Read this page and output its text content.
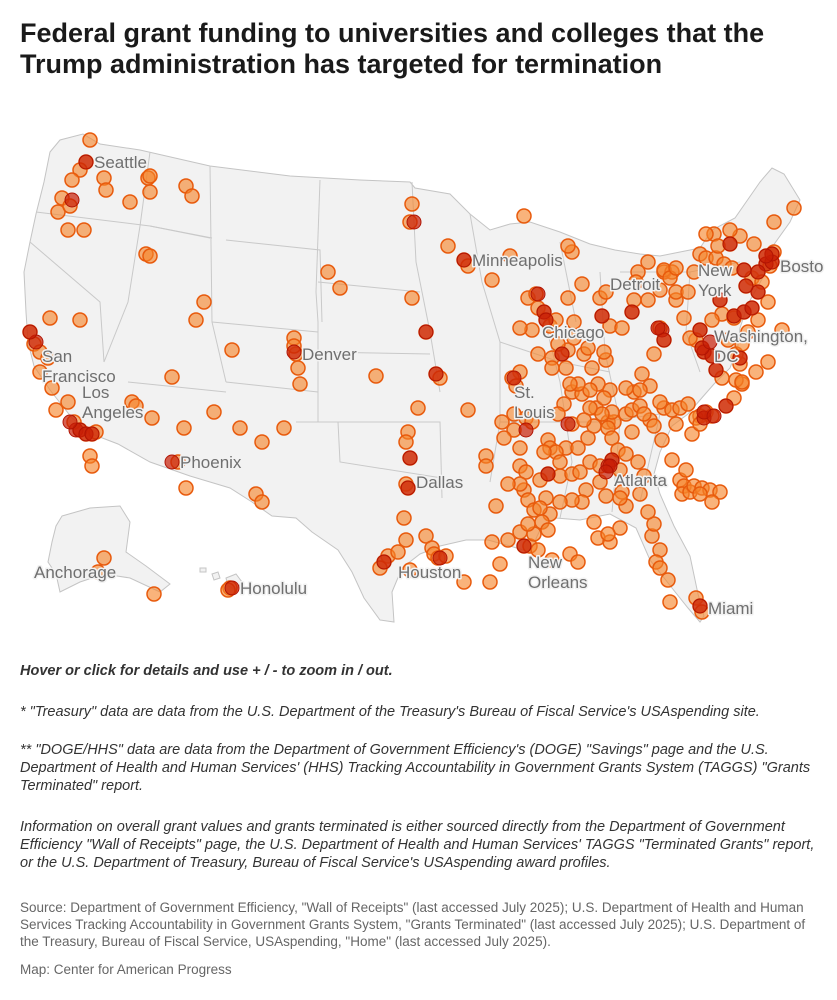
Federal grant funding to universities and colleges that the Trump administration has targeted for termination
Seattle
Minneapolis
Detroit
New York
Bosto
Chicago	Washington, DC
Denver
San Francisco
Los Angeles
St. Louis
Phoenix
Dallas	Atlanta
Anchorage
Honolulu
Houston
New Orleans
Miami
Hover or click for details and use + / - to zoom in / out.
* "Treasury" data are data from the U.S. Department of the Treasury's Bureau of Fiscal Service's USAspending site.
** "DOGE/HHS" data are data from the Department of Government Efficiency's (DOGE) "Savings" page and the U.S. Department of Health and Human Services' (HHS) Tracking Accountability in Government Grants System (TAGGS) "Grants Terminated" report.
Information on overall grant values and grants terminated is either sourced directly from the Department of Government Efficiency "Wall of Receipts" page, the U.S. Department of Health and Human Services' TAGGS "Terminated Grants" report, or the U.S. Department of Treasury, Bureau of Fiscal Service's USAspending award profiles.
Source: Department of Government Efficiency, "Wall of Receipts" (last accessed July 2025); U.S. Department of Health and Human Services Tracking Accountability in Government Grants System, "Grants Terminated" (last accessed July 2025); U.S. Department of the Treasury, Bureau of Fiscal Service, USAspending, "Home" (last accessed July 2025).
Map: Center for American Progress
